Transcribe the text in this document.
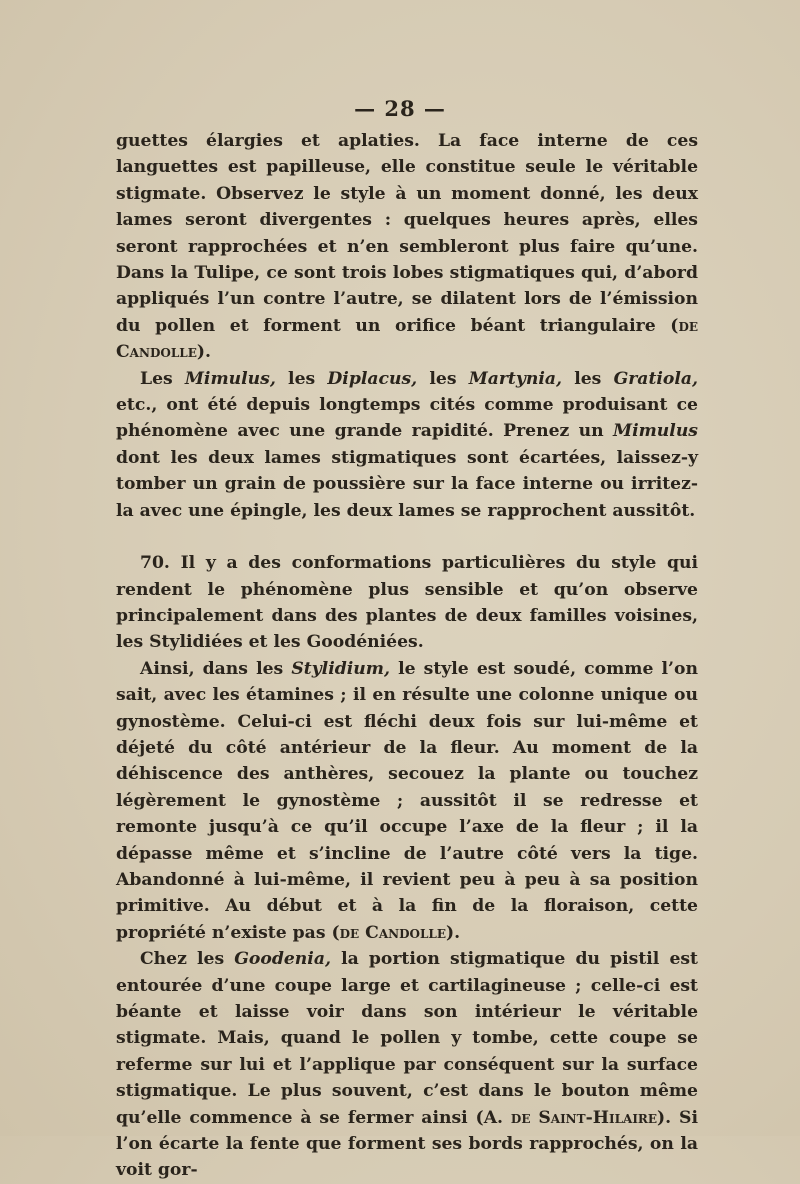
— 28 —

guettes élargies et aplaties. La face interne de ces languettes est papilleuse, elle constitue seule le véritable stigmate. Observez le style à un moment donné, les deux lames seront divergentes : quelques heures après, elles seront rapprochées et n’en sembleront plus faire qu’une. Dans la Tulipe, ce sont trois lobes stigmatiques qui, d’abord appliqués l’un contre l’autre, se dilatent lors de l’émission du pollen et forment un orifice béant triangulaire (de Candolle).

Les Mimulus, les Diplacus, les Martynia, les Gratiola, etc., ont été depuis longtemps cités comme produisant ce phénomène avec une grande rapidité. Prenez un Mimulus dont les deux lames stigmatiques sont écartées, laissez-y tomber un grain de poussière sur la face interne ou irritez-la avec une épingle, les deux lames se rapprochent aussitôt.

70. Il y a des conformations particulières du style qui rendent le phénomène plus sensible et qu’on observe principalement dans des plantes de deux familles voisines, les Stylidiées et les Goodéniées.

Ainsi, dans les Stylidium, le style est soudé, comme l’on sait, avec les étamines ; il en résulte une colonne unique ou gynostème. Celui-ci est fléchi deux fois sur lui-même et déjeté du côté antérieur de la fleur. Au moment de la déhiscence des anthères, secouez la plante ou touchez légèrement le gynostème ; aussitôt il se redresse et remonte jusqu’à ce qu’il occupe l’axe de la fleur ; il la dépasse même et s’incline de l’autre côté vers la tige. Abandonné à lui-même, il revient peu à peu à sa position primitive. Au début et à la fin de la floraison, cette propriété n’existe pas (de Candolle).

Chez les Goodenia, la portion stigmatique du pistil est entourée d’une coupe large et cartilagineuse ; celle-ci est béante et laisse voir dans son intérieur le véritable stigmate. Mais, quand le pollen y tombe, cette coupe se referme sur lui et l’applique par conséquent sur la surface stigmatique. Le plus souvent, c’est dans le bouton même qu’elle commence à se fermer ainsi (A. de Saint-Hilaire). Si l’on écarte la fente que forment ses bords rapprochés, on la voit gor-
